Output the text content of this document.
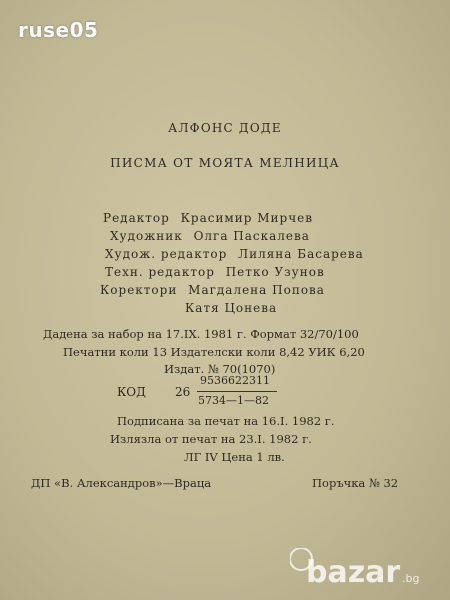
ruse05
АЛФОНС ДОДЕ
ПИСМА ОТ МОЯТА МЕЛНИЦА
Редактор Красимир Мирчев
Художник Олга Паскалева
Худож. редактор Лиляна Басарева
Техн. редактор Петко Узунов
Коректори Магдалена Попова
Катя Цонева
Дадена за набор на 17.IX. 1981 г. Формат 32/70/100
Печатни коли 13 Издателски коли 8,42 УИК 6,20
Издат. № 70(1070)
КОД 26
9536622311
5734—1—82
Подписана за печат на 16.I. 1982 г.
Излязла от печат на 23.I. 1982 г.
ЛГ IV Цена 1 лв.
ДП «В. Александров»—Враца	Поръчка № 32
bazar .bg
